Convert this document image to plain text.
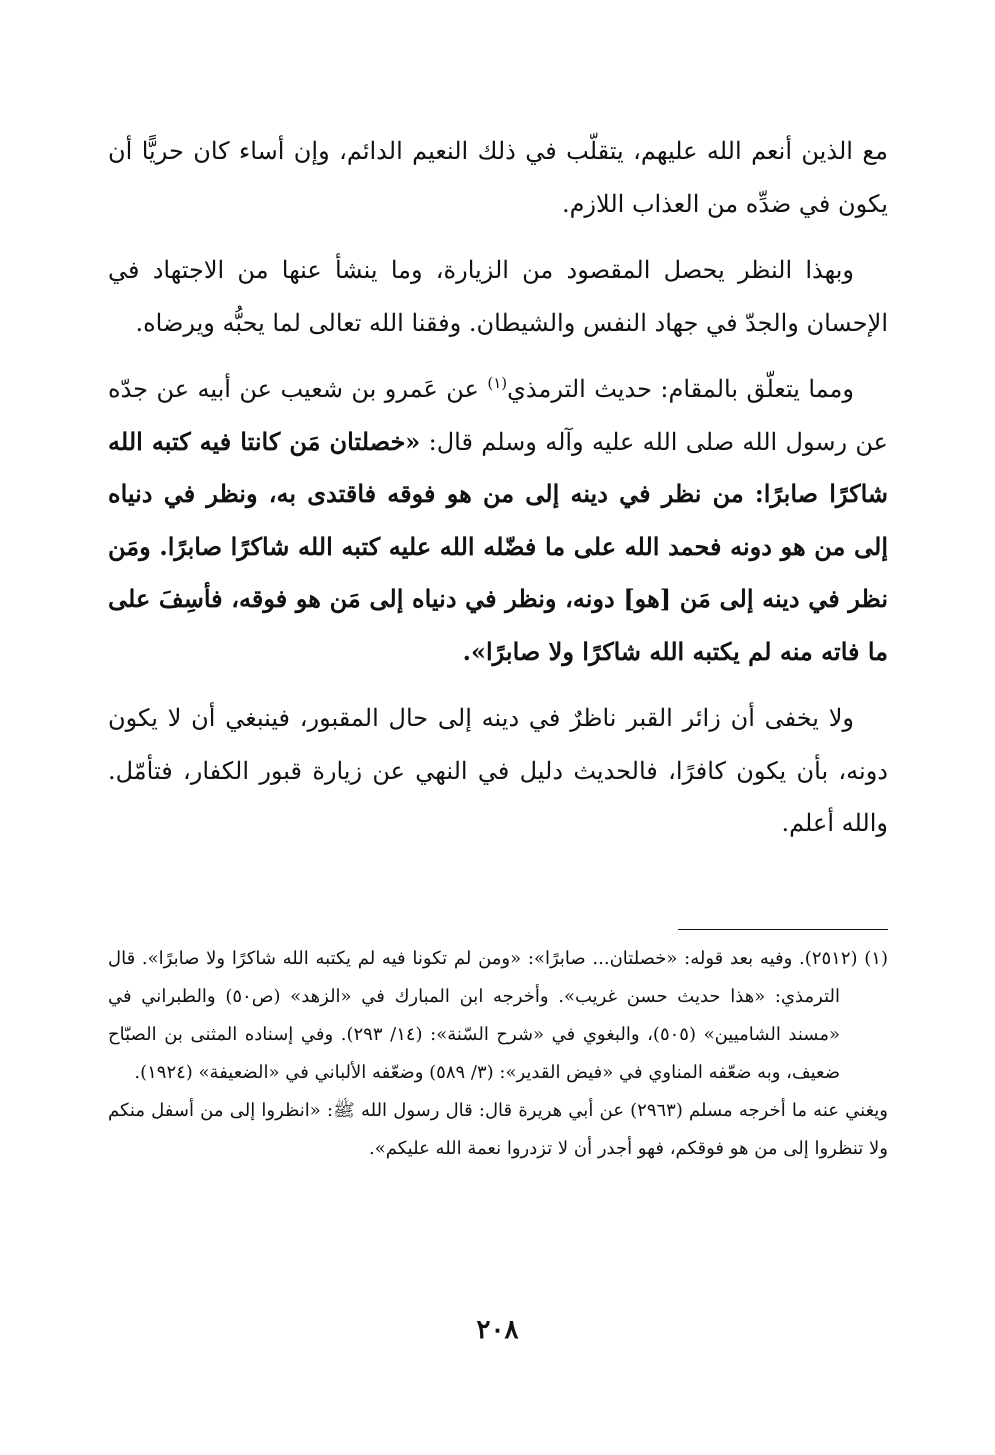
مع الذين أنعم الله عليهم، يتقلّب في ذلك النعيم الدائم، وإن أساء كان حريًّا أن يكون في ضدِّه من العذاب اللازم.

وبهذا النظر يحصل المقصود من الزيارة، وما ينشأ عنها من الاجتهاد في الإحسان والجدّ في جهاد النفس والشيطان. وفقنا الله تعالى لما يحبُّه ويرضاه.

ومما يتعلّق بالمقام: حديث الترمذي$^{(١)}$ عن عَمرو بن شعيب عن أبيه عن جدّه عن رسول الله صلى الله عليه وآله وسلم قال: «خصلتان مَن كانتا فيه كتبه الله شاكرًا صابرًا: من نظر في دينه إلى من هو فوقه فاقتدى به، ونظر في دنياه إلى من هو دونه فحمد الله على ما فضّله الله عليه كتبه الله شاكرًا صابرًا. ومَن نظر في دينه إلى مَن [هو] دونه، ونظر في دنياه إلى مَن هو فوقه، فأسِفَ على ما فاته منه لم يكتبه الله شاكرًا ولا صابرًا».

ولا يخفى أن زائر القبر ناظرٌ في دينه إلى حال المقبور، فينبغي أن لا يكون دونه، بأن يكون كافرًا، فالحديث دليل في النهي عن زيارة قبور الكفار، فتأمّل. والله أعلم.

(١) (٢٥١٢). وفيه بعد قوله: «خصلتان... صابرًا»: «ومن لم تكونا فيه لم يكتبه الله شاكرًا ولا صابرًا». قال الترمذي: «هذا حديث حسن غريب». وأخرجه ابن المبارك في «الزهد» (ص٥٠) والطبراني في «مسند الشاميين» (٥٠٥)، والبغوي في «شرح السّنة»: (١٤/ ٢٩٣). وفي إسناده المثنى بن الصبّاح ضعيف، وبه ضعّفه المناوي في «فيض القدير»: (٣/ ٥٨٩) وضعّفه الألباني في «الضعيفة» (١٩٢٤).

ويغني عنه ما أخرجه مسلم (٢٩٦٣) عن أبي هريرة قال: قال رسول الله ﷺ: «انظروا إلى من أسفل منكم ولا تنظروا إلى من هو فوقكم، فهو أجدر أن لا تزدروا نعمة الله عليكم».

٢٠٨
